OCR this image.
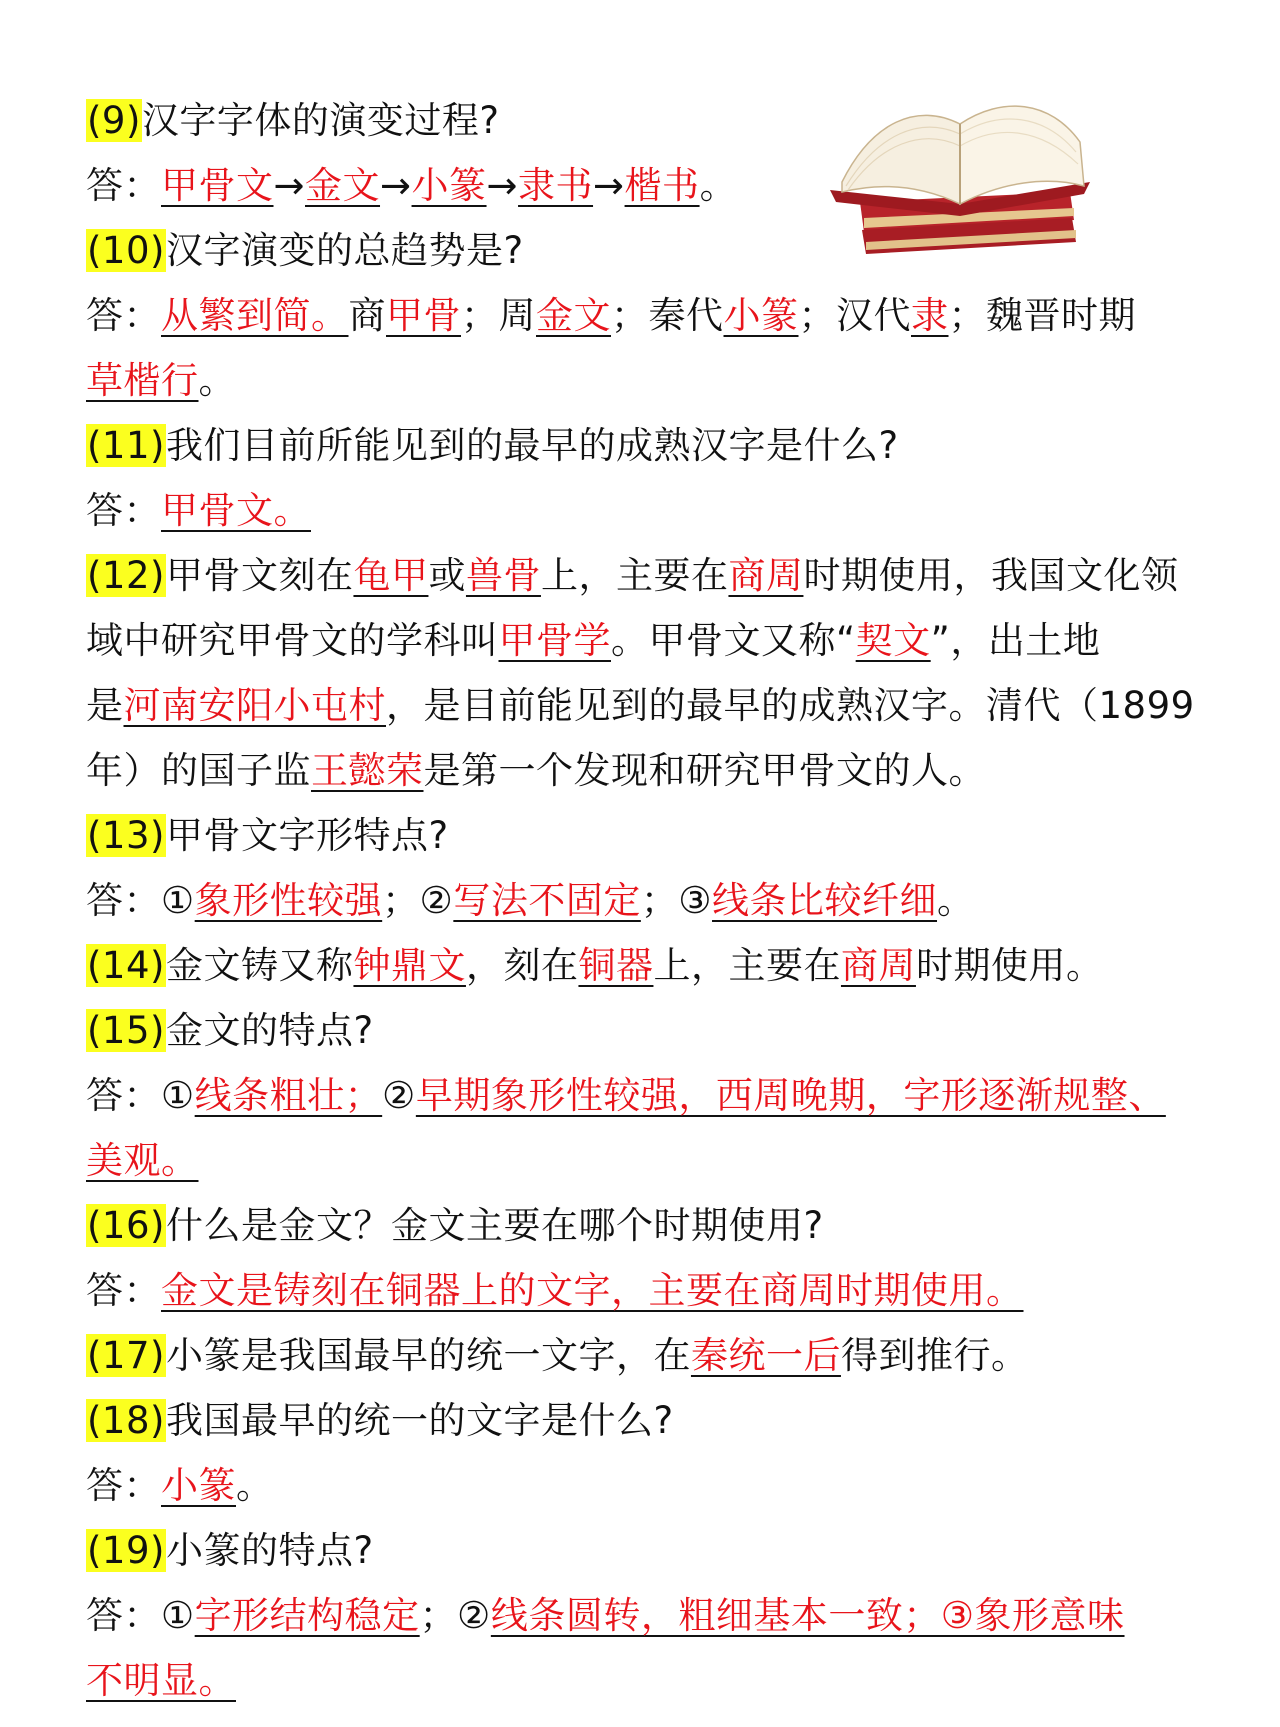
(9)汉字字体的演变过程?
答：甲骨文→金文→小篆→隶书→楷书。
(10)汉字演变的总趋势是?
答：从繁到简。商甲骨；周金文；秦代小篆；汉代隶；魏晋时期
草楷行。
(11)我们目前所能见到的最早的成熟汉字是什么?
答：甲骨文。
(12)甲骨文刻在龟甲或兽骨上，主要在商周时期使用，我国文化领
域中研究甲骨文的学科叫甲骨学。甲骨文又称“契文”，出土地
是河南安阳小屯村，是目前能见到的最早的成熟汉字。清代（1899
年）的国子监王懿荣是第一个发现和研究甲骨文的人。
(13)甲骨文字形特点?
答：①象形性较强；②写法不固定；③线条比较纤细。
(14)金文铸又称钟鼎文，刻在铜器上，主要在商周时期使用。
(15)金文的特点?
答：①线条粗壮；②早期象形性较强，西周晚期，字形逐渐规整、
美观。
(16)什么是金文？金文主要在哪个时期使用?
答：金文是铸刻在铜器上的文字，主要在商周时期使用。
(17)小篆是我国最早的统一文字，在秦统一后得到推行。
(18)我国最早的统一的文字是什么?
答：小篆。
(19)小篆的特点?
答：①字形结构稳定；②线条圆转，粗细基本一致；③象形意味
不明显。
